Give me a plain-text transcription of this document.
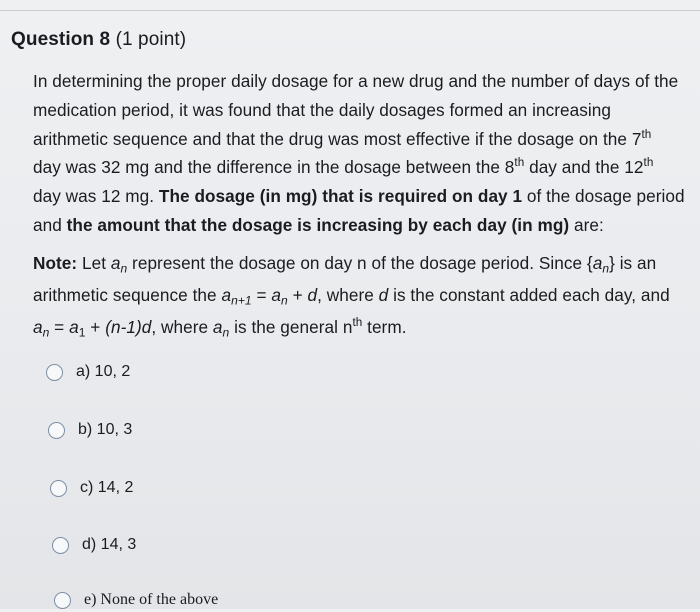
Question 8 (1 point)
In determining the proper daily dosage for a new drug and the number of days of the
medication period, it was found that the daily dosages formed an increasing
arithmetic sequence and that the drug was most effective if the dosage on the 7th
day was 32 mg and the difference in the dosage between the 8th day and the 12th
day was 12 mg. The dosage (in mg) that is required on day 1 of the dosage period
and the amount that the dosage is increasing by each day (in mg) are:
Note: Let $a_n$ represent the dosage on day n of the dosage period. Since $\{a_n\}$ is an
arithmetic sequence the $a_{n+1} = a_n + d$, where d is the constant added each day, and
$a_n = a_1 + (n-1)d$, where $a_n$ is the general $n^{th}$ term.
a) 10, 2
b) 10, 3
c) 14, 2
d) 14, 3
e) None of the above
